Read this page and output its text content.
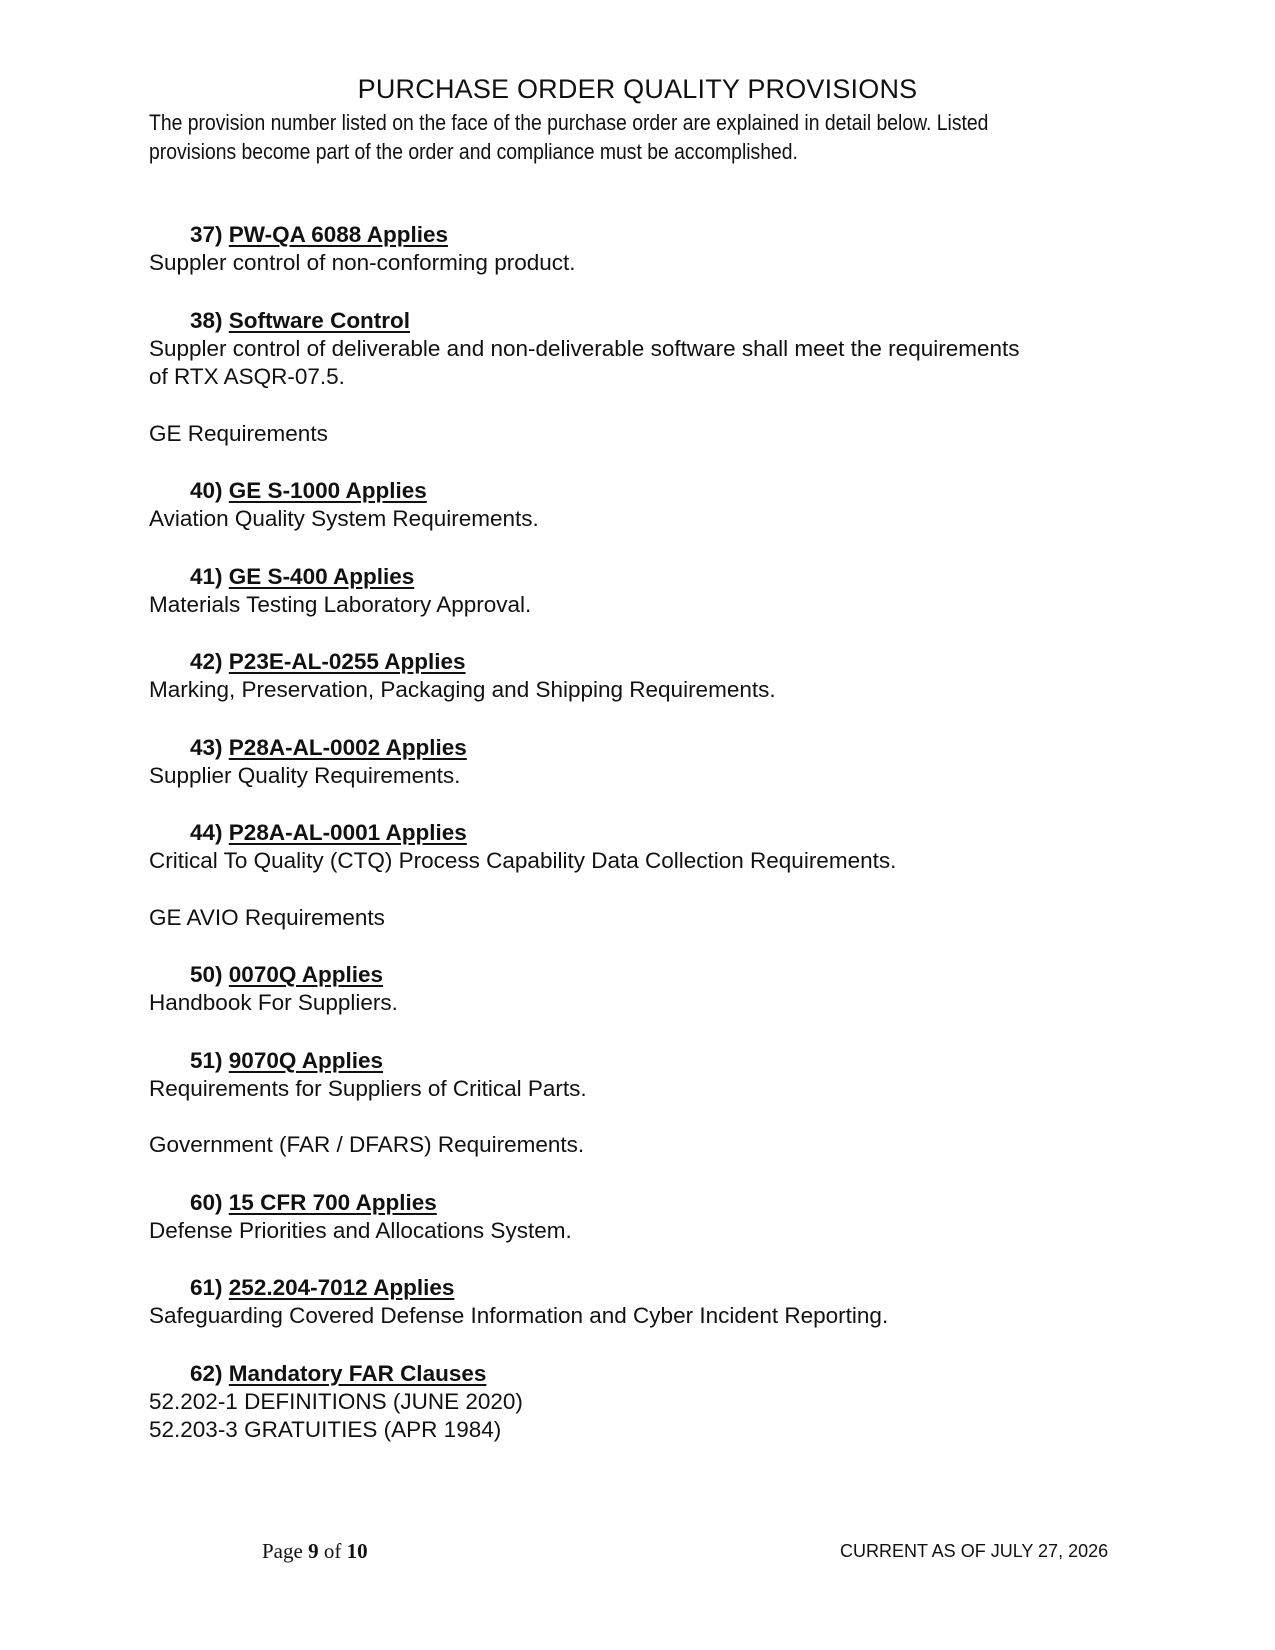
PURCHASE ORDER QUALITY PROVISIONS
The provision number listed on the face of the purchase order are explained in detail below. Listed
provisions become part of the order and compliance must be accomplished.
37) PW-QA 6088 Applies
Suppler control of non-conforming product.
38) Software Control
Suppler control of deliverable and non-deliverable software shall meet the requirements
of RTX ASQR-07.5.
GE Requirements
40) GE S-1000 Applies
Aviation Quality System Requirements.
41) GE S-400 Applies
Materials Testing Laboratory Approval.
42) P23E-AL-0255 Applies
Marking, Preservation, Packaging and Shipping Requirements.
43) P28A-AL-0002 Applies
Supplier Quality Requirements.
44) P28A-AL-0001 Applies
Critical To Quality (CTQ) Process Capability Data Collection Requirements.
GE AVIO Requirements
50) 0070Q Applies
Handbook For Suppliers.
51) 9070Q Applies
Requirements for Suppliers of Critical Parts.
Government (FAR / DFARS) Requirements.
60) 15 CFR 700 Applies
Defense Priorities and Allocations System.
61) 252.204-7012 Applies
Safeguarding Covered Defense Information and Cyber Incident Reporting.
62) Mandatory FAR Clauses
52.202-1 DEFINITIONS (JUNE 2020)
52.203-3 GRATUITIES (APR 1984)
Page 9 of 10	CURRENT AS OF JULY 27, 2026
